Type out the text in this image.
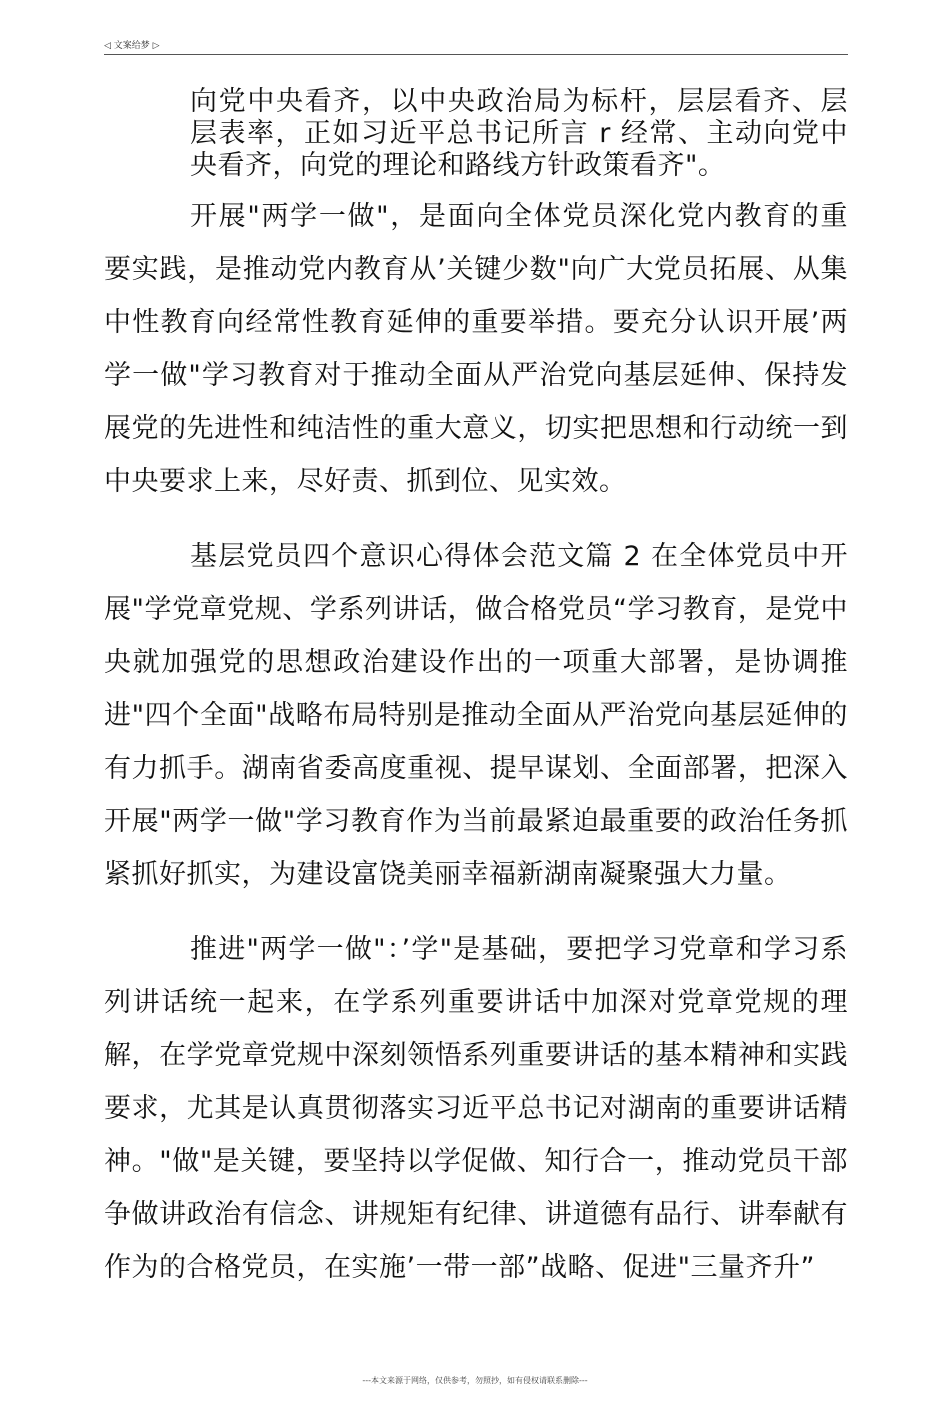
◁ 文案给梦 ▷

向党中央看齐，以中央政治局为标杆，层层看齐、层层表率，正如习近平总书记所言 r 经常、主动向党中央看齐，向党的理论和路线方针政策看齐"。

开展"两学一做"，是面向全体党员深化党内教育的重要实践，是推动党内教育从’关键少数"向广大党员拓展、从集中性教育向经常性教育延伸的重要举措。要充分认识开展’两学一做"学习教育对于推动全面从严治党向基层延伸、保持发展党的先进性和纯洁性的重大意义，切实把思想和行动统一到中央要求上来，尽好责、抓到位、见实效。

基层党员四个意识心得体会范文篇 2 在全体党员中开展"学党章党规、学系列讲话，做合格党员“学习教育，是党中央就加强党的思想政治建设作出的一项重大部署，是协调推进"四个全面"战略布局特别是推动全面从严治党向基层延伸的有力抓手。湖南省委高度重视、提早谋划、全面部署，把深入开展"两学一做"学习教育作为当前最紧迫最重要的政治任务抓紧抓好抓实，为建设富饶美丽幸福新湖南凝聚强大力量。

推进"两学一做"：’学"是基础，要把学习党章和学习系列讲话统一起来，在学系列重要讲话中加深对党章党规的理解，在学党章党规中深刻领悟系列重要讲话的基本精神和实践要求，尤其是认真贯彻落实习近平总书记对湖南的重要讲话精神。"做"是关键，要坚持以学促做、知行合一，推动党员干部争做讲政治有信念、讲规矩有纪律、讲道德有品行、讲奉献有作为的合格党员，在实施’一带一部”战略、促进"三量齐升”

---本文来源于网络，仅供参考，勿照抄，如有侵权请联系删除---
